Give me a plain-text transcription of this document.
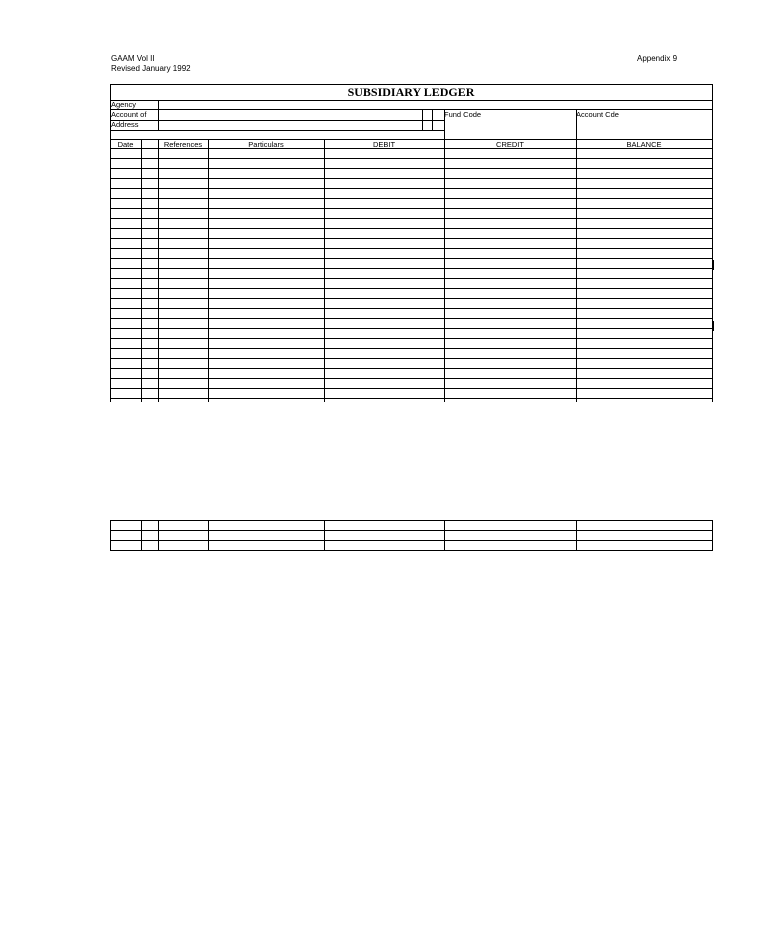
GAAM Vol II
Revised January 1992
Appendix 9
SUBSIDIARY LEDGER
Agency
Account of
Address
Fund Code	Account Cde
Date	References	Particulars	DEBIT	CREDIT	BALANCE
